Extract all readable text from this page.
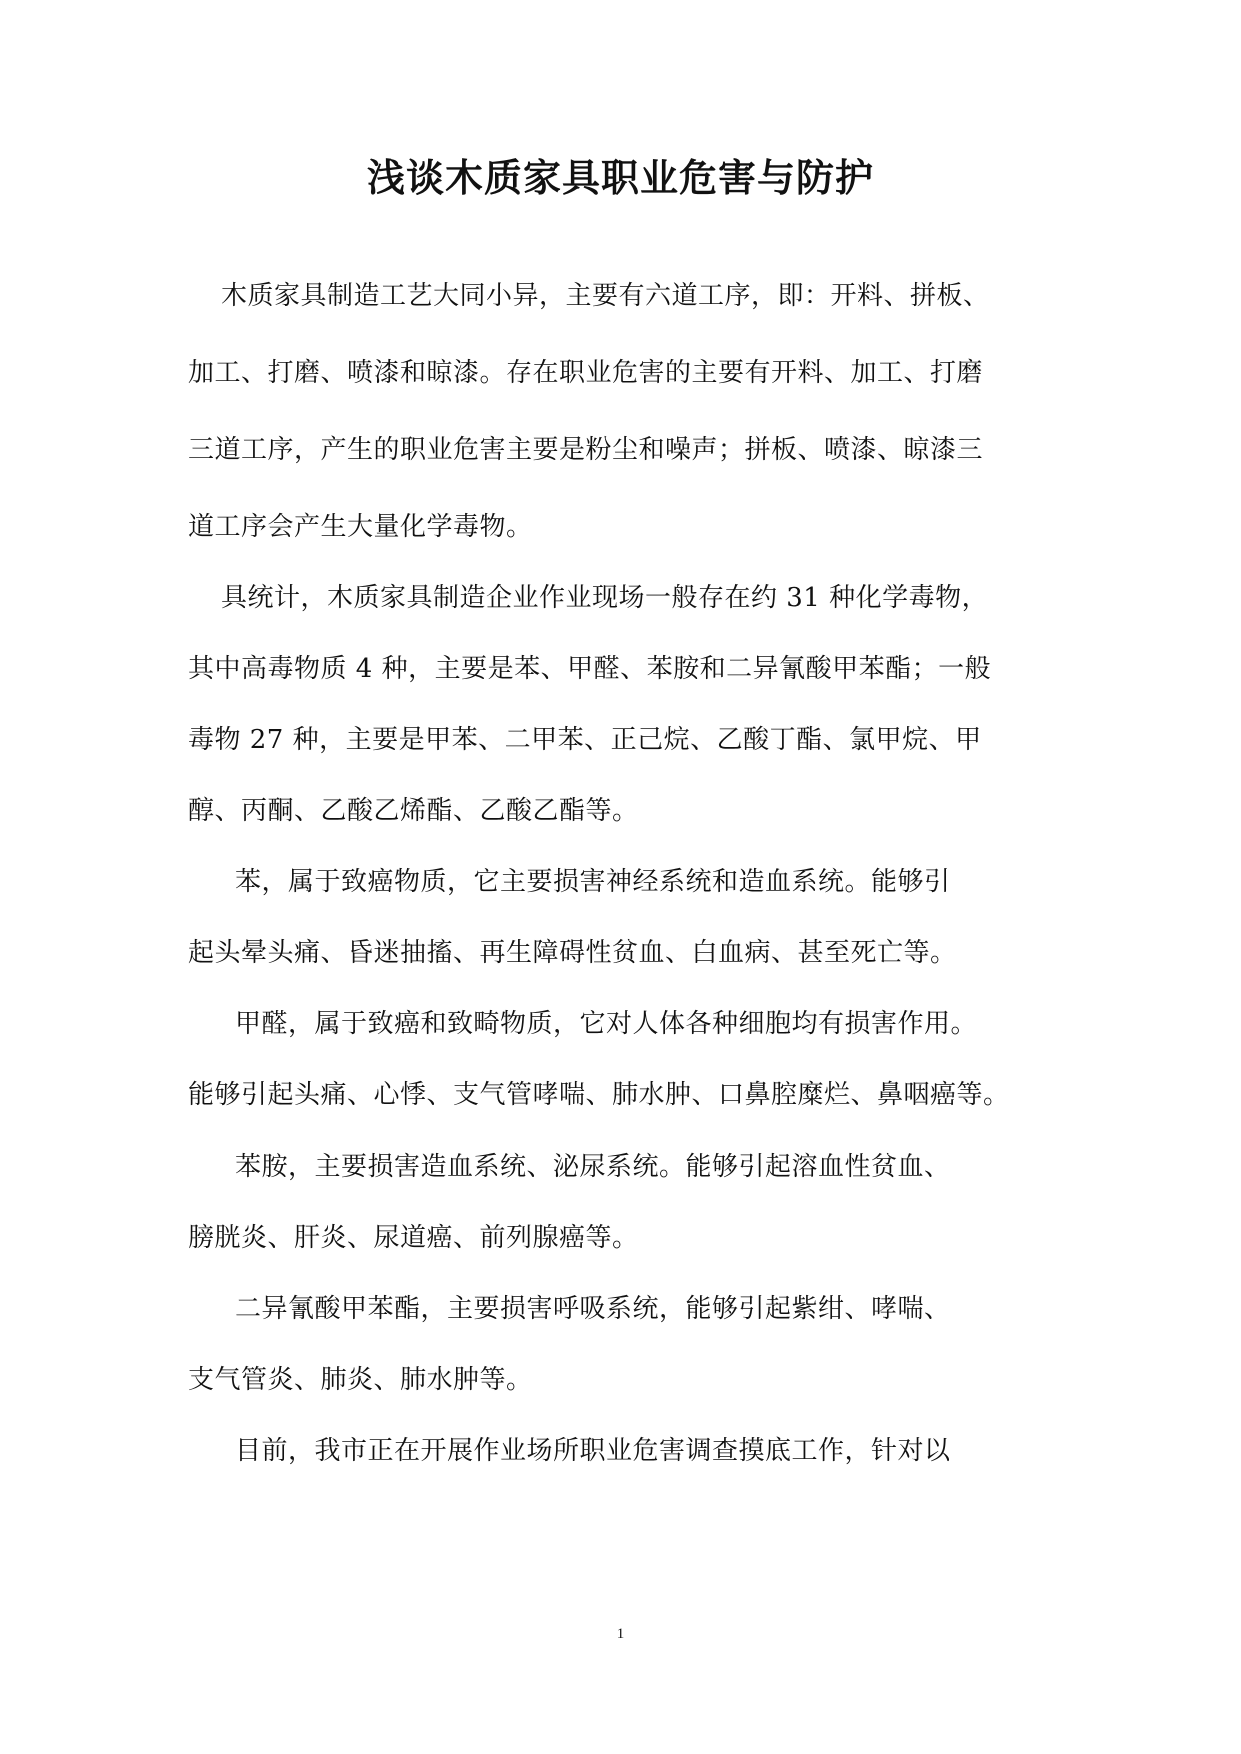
浅谈木质家具职业危害与防护
木质家具制造工艺大同小异，主要有六道工序，即：开料、拼板、
加工、打磨、喷漆和晾漆。存在职业危害的主要有开料、加工、打磨
三道工序，产生的职业危害主要是粉尘和噪声；拼板、喷漆、晾漆三
道工序会产生大量化学毒物。
具统计，木质家具制造企业作业现场一般存在约 31 种化学毒物，
其中高毒物质 4 种，主要是苯、甲醛、苯胺和二异氰酸甲苯酯；一般
毒物 27 种，主要是甲苯、二甲苯、正己烷、乙酸丁酯、氯甲烷、甲
醇、丙酮、乙酸乙烯酯、乙酸乙酯等。
苯，属于致癌物质，它主要损害神经系统和造血系统。能够引
起头晕头痛、昏迷抽搐、再生障碍性贫血、白血病、甚至死亡等。
甲醛，属于致癌和致畸物质，它对人体各种细胞均有损害作用。
能够引起头痛、心悸、支气管哮喘、肺水肿、口鼻腔糜烂、鼻咽癌等。
苯胺，主要损害造血系统、泌尿系统。能够引起溶血性贫血、
膀胱炎、肝炎、尿道癌、前列腺癌等。
二异氰酸甲苯酯，主要损害呼吸系统，能够引起紫绀、哮喘、
支气管炎、肺炎、肺水肿等。
目前，我市正在开展作业场所职业危害调查摸底工作，针对以
1
